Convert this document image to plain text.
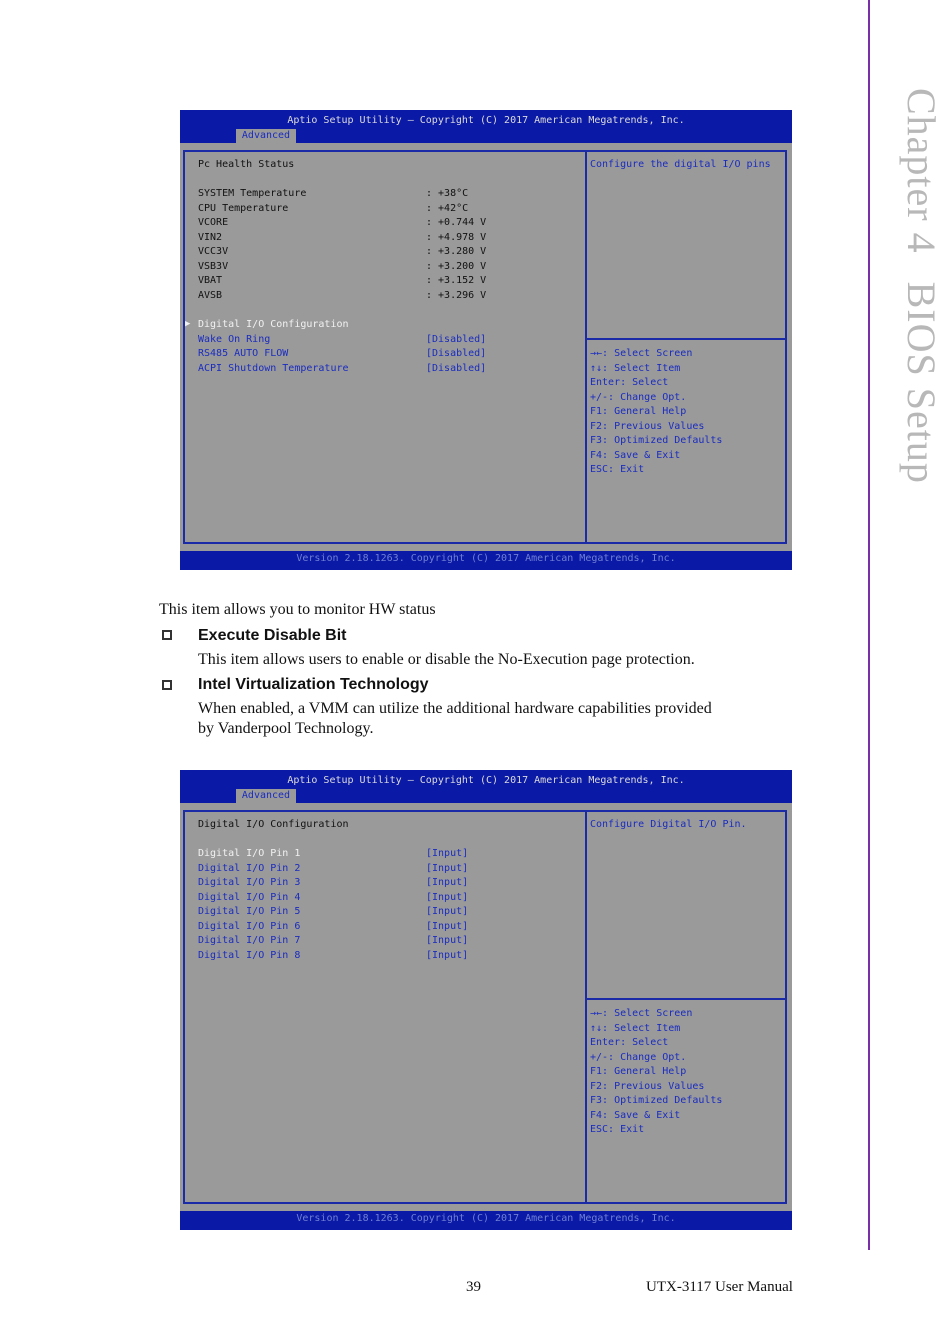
Chapter 4BIOS Setup
Aptio Setup Utility – Copyright (C) 2017 American Megatrends, Inc.
Advanced
Pc Health Status
SYSTEM Temperature	: +38°C
CPU Temperature	: +42°C
VCORE	: +0.744 V
VIN2	: +4.978 V
VCC3V	: +3.280 V
VSB3V	: +3.200 V
VBAT	: +3.152 V
AVSB	: +3.296 V
▶ Digital I/O Configuration
Wake On Ring	[Disabled]
RS485 AUTO FLOW	[Disabled]
ACPI Shutdown Temperature	[Disabled]
Configure the digital I/O pins
→←: Select Screen
↑↓: Select Item
Enter: Select
+/-: Change Opt.
F1: General Help
F2: Previous Values
F3: Optimized Defaults
F4: Save & Exit
ESC: Exit
Version 2.18.1263. Copyright (C) 2017 American Megatrends, Inc.
This item allows you to monitor HW status
Execute Disable Bit
This item allows users to enable or disable the No-Execution page protection.
Intel Virtualization Technology
When enabled, a VMM can utilize the additional hardware capabilities provided
by Vanderpool Technology.
Aptio Setup Utility – Copyright (C) 2017 American Megatrends, Inc.
Advanced
Digital I/O Configuration
Digital I/O Pin 1	[Input]
Digital I/O Pin 2	[Input]
Digital I/O Pin 3	[Input]
Digital I/O Pin 4	[Input]
Digital I/O Pin 5	[Input]
Digital I/O Pin 6	[Input]
Digital I/O Pin 7	[Input]
Digital I/O Pin 8	[Input]
Configure Digital I/O Pin.
→←: Select Screen
↑↓: Select Item
Enter: Select
+/-: Change Opt.
F1: General Help
F2: Previous Values
F3: Optimized Defaults
F4: Save & Exit
ESC: Exit
Version 2.18.1263. Copyright (C) 2017 American Megatrends, Inc.
39	UTX-3117 User Manual
